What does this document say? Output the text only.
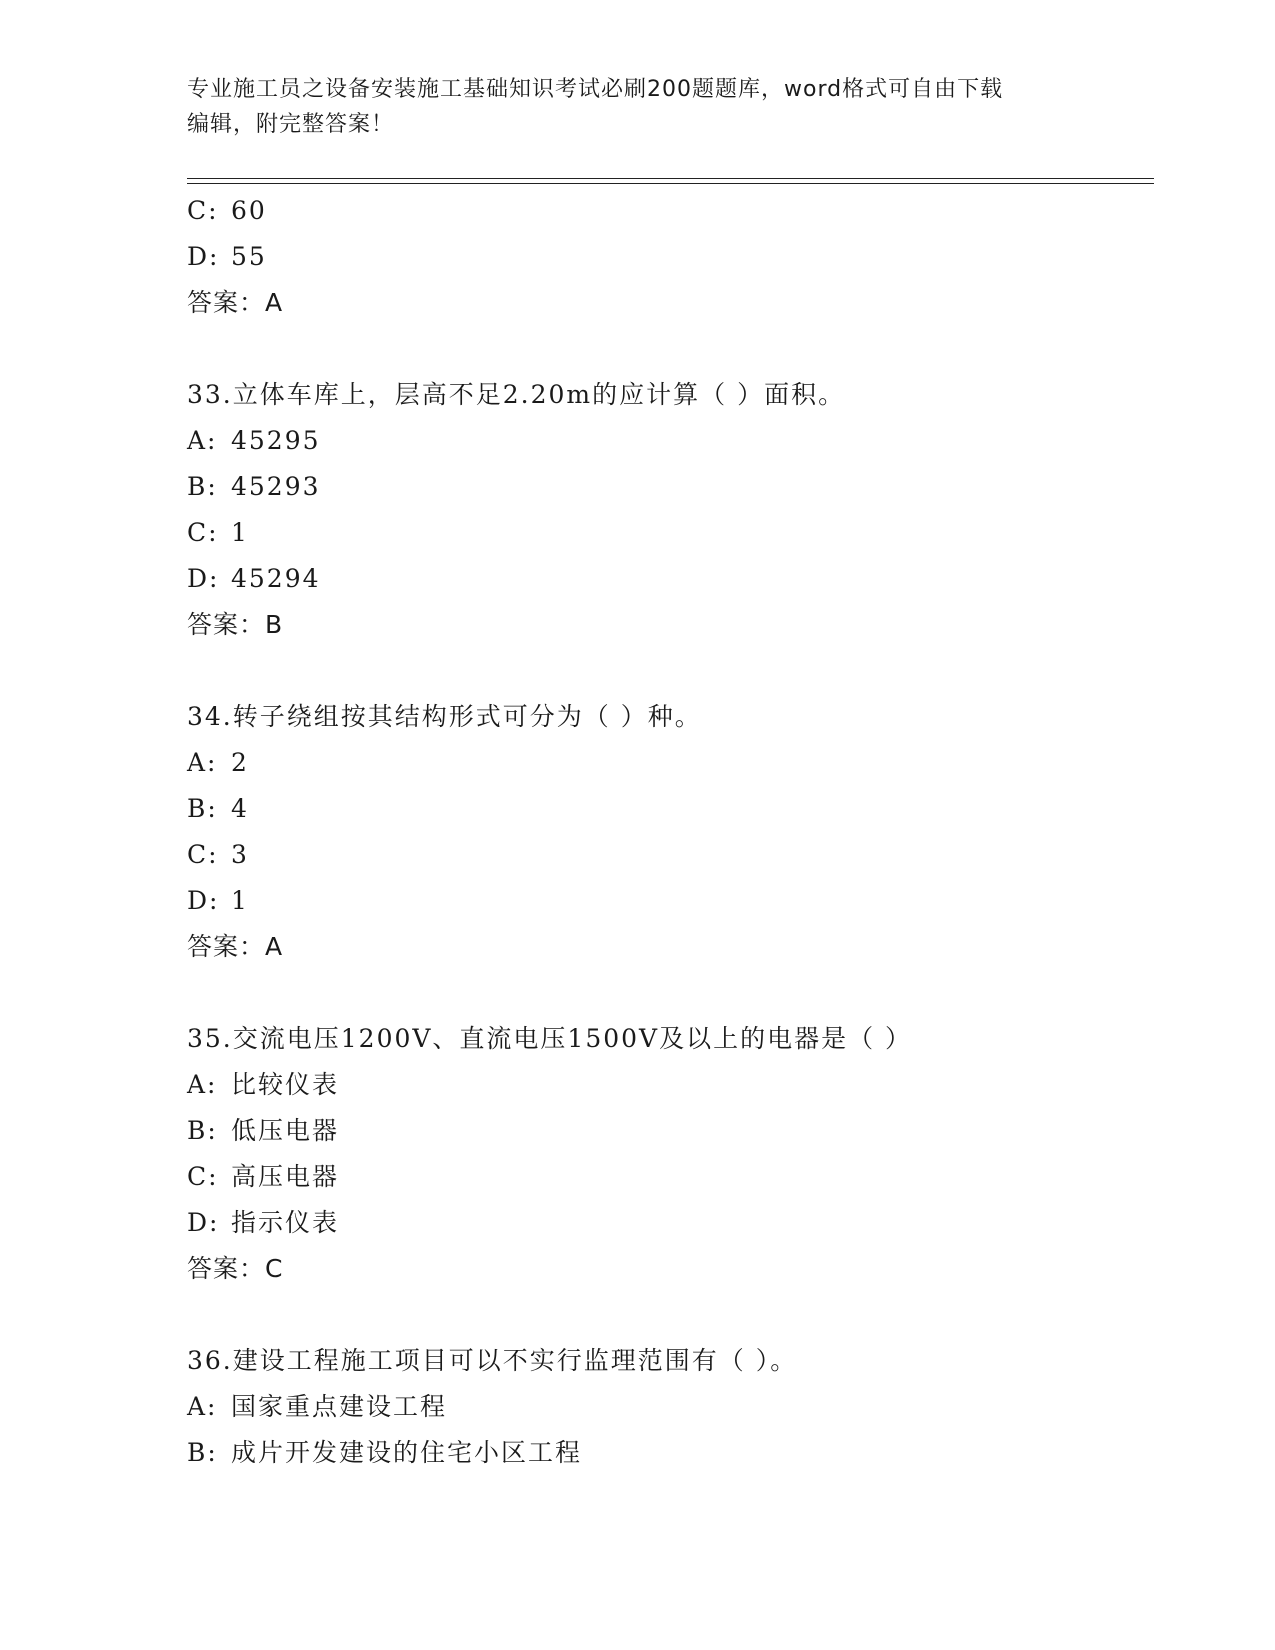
专业施工员之设备安装施工基础知识考试必刷200题题库，word格式可自由下载
编辑，附完整答案！
C: 60
D: 55
答案：A
33.立体车库上，层高不足2.20m的应计算（ ）面积。
A: 45295
B: 45293
C: 1
D: 45294
答案：B
34.转子绕组按其结构形式可分为（ ）种。
A: 2
B: 4
C: 3
D: 1
答案：A
35.交流电压1200V、直流电压1500V及以上的电器是（ ）
A: 比较仪表
B: 低压电器
C: 高压电器
D: 指示仪表
答案：C
36.建设工程施工项目可以不实行监理范围有（ ）。
A: 国家重点建设工程
B: 成片开发建设的住宅小区工程
